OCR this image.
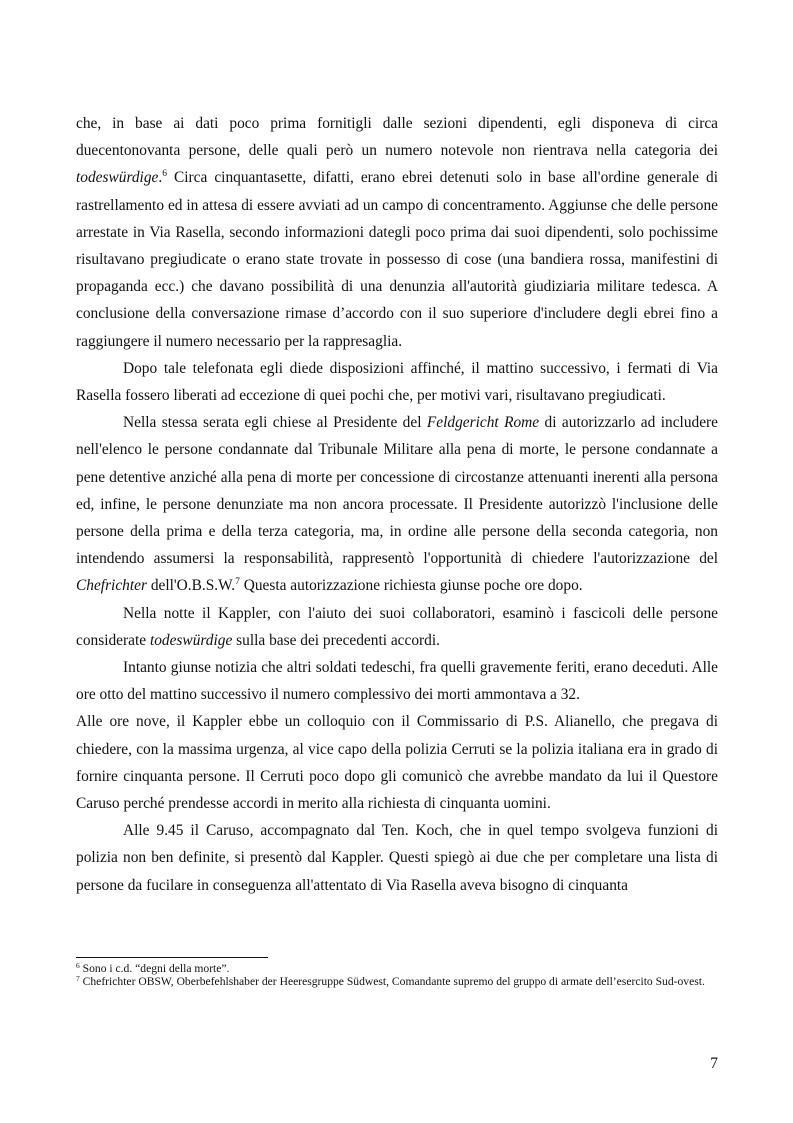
che, in base ai dati poco prima fornitigli dalle sezioni dipendenti, egli disponeva di circa duecentonovanta persone, delle quali però un numero notevole non rientrava nella categoria dei todeswürdige.$^6$ Circa cinquantasette, difatti, erano ebrei detenuti solo in base all'ordine generale di rastrellamento ed in attesa di essere avviati ad un campo di concentramento. Aggiunse che delle persone arrestate in Via Rasella, secondo informazioni dategli poco prima dai suoi dipendenti, solo pochissime risultavano pregiudicate o erano state trovate in possesso di cose (una bandiera rossa, manifestini di propaganda ecc.) che davano possibilità di una denunzia all'autorità giudiziaria militare tedesca. A conclusione della conversazione rimase d’accordo con il suo superiore d'includere degli ebrei fino a raggiungere il numero necessario per la rappresaglia.

Dopo tale telefonata egli diede disposizioni affinché, il mattino successivo, i fermati di Via Rasella fossero liberati ad eccezione di quei pochi che, per motivi vari, risultavano pregiudicati.

Nella stessa serata egli chiese al Presidente del Feldgericht Rome di autorizzarlo ad includere nell'elenco le persone condannate dal Tribunale Militare alla pena di morte, le persone condannate a pene detentive anziché alla pena di morte per concessione di circostanze attenuanti inerenti alla persona ed, infine, le persone denunziate ma non ancora processate. Il Presidente autorizzò l'inclusione delle persone della prima e della terza categoria, ma, in ordine alle persone della seconda categoria, non intendendo assumersi la responsabilità, rappresentò l'opportunità di chiedere l'autorizzazione del Chefrichter dell'O.B.S.W.$^7$ Questa autorizzazione richiesta giunse poche ore dopo.

Nella notte il Kappler, con l'aiuto dei suoi collaboratori, esaminò i fascicoli delle persone considerate todeswürdige sulla base dei precedenti accordi.

Intanto giunse notizia che altri soldati tedeschi, fra quelli gravemente feriti, erano deceduti. Alle ore otto del mattino successivo il numero complessivo dei morti ammontava a 32.

Alle ore nove, il Kappler ebbe un colloquio con il Commissario di P.S. Alianello, che pregava di chiedere, con la massima urgenza, al vice capo della polizia Cerruti se la polizia italiana era in grado di fornire cinquanta persone. Il Cerruti poco dopo gli comunicò che avrebbe mandato da lui il Questore Caruso perché prendesse accordi in merito alla richiesta di cinquanta uomini.

Alle 9.45 il Caruso, accompagnato dal Ten. Koch, che in quel tempo svolgeva funzioni di polizia non ben definite, si presentò dal Kappler. Questi spiegò ai due che per completare una lista di persone da fucilare in conseguenza all'attentato di Via Rasella aveva bisogno di cinquanta

$^6$ Sono i c.d. “degni della morte”.

$^7$ Chefrichter OBSW, Oberbefehlshaber der Heeresgruppe Südwest, Comandante supremo del gruppo di armate dell’esercito Sud-ovest.

7
